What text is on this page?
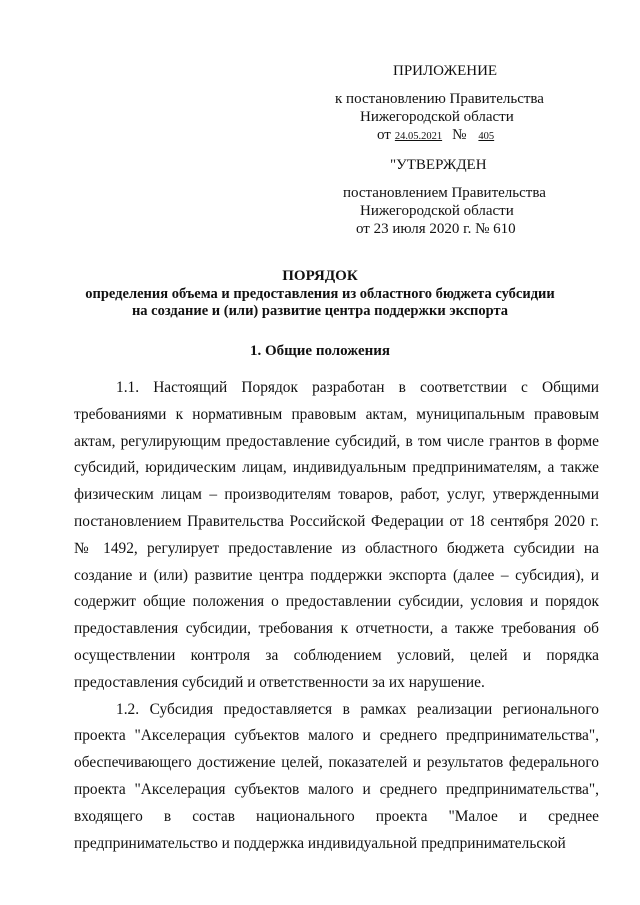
ПРИЛОЖЕНИЕ
к постановлению Правительства
Нижегородской области
от 24.05.2021 № 405
"УТВЕРЖДЕН
постановлением Правительства
Нижегородской области
от 23 июля 2020 г. № 610
ПОРЯДОК
определения объема и предоставления из областного бюджета субсидии
на создание и (или) развитие центра поддержки экспорта
1. Общие положения

1.1. Настоящий Порядок разработан в соответствии с Общими требованиями к нормативным правовым актам, муниципальным правовым актам, регулирующим предоставление субсидий, в том числе грантов в форме субсидий, юридическим лицам, индивидуальным предпринимателям, а также физическим лицам – производителям товаров, работ, услуг, утвержденными постановлением Правительства Российской Федерации от 18 сентября 2020 г. № 1492, регулирует предоставление из областного бюджета субсидии на создание и (или) развитие центра поддержки экспорта (далее – субсидия), и содержит общие положения о предоставлении субсидии, условия и порядок предоставления субсидии, требования к отчетности, а также требования об осуществлении контроля за соблюдением условий, целей и порядка предоставления субсидий и ответственности за их нарушение.

1.2. Субсидия предоставляется в рамках реализации регионального проекта "Акселерация субъектов малого и среднего предпринимательства", обеспечивающего достижение целей, показателей и результатов федерального проекта "Акселерация субъектов малого и среднего предпринимательства", входящего в состав национального проекта "Малое и среднее предпринимательство и поддержка индивидуальной предпринимательской
